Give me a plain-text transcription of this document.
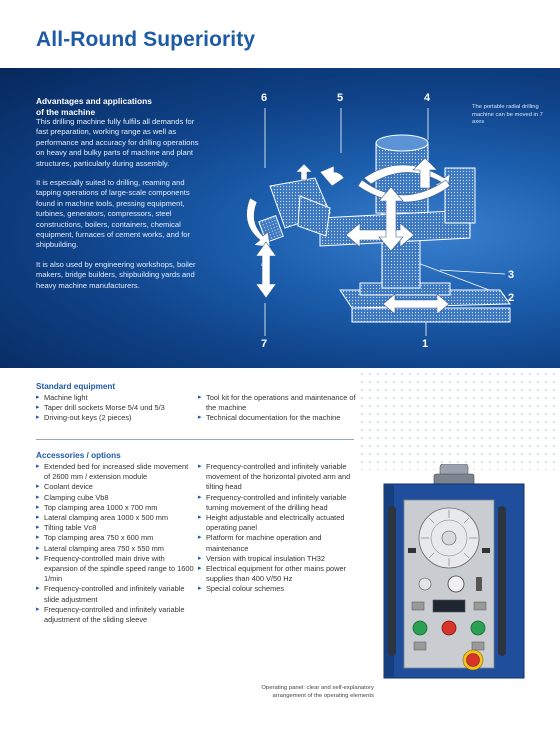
All-Round Superiority
6	5	4
3
2
1
7
Advantages and applications
of the machine

This drilling machine fully fulfils all demands for fast preparation, working range as well as performance and accuracy for drilling operations on heavy and bulky parts of machine and plant structures, particularly during assembly.

It is especially suited to drilling, reaming and tapping operations of large-scale components found in machine tools, pressing equipment, turbines, generators, compressors, steel constructions, boilers, containers, chemical equipment, furnaces of cement works, and for shipbuilding.

It is also used by engineering workshops, boiler makers, bridge builders, shipbuilding yards and heavy machine manufacturers.

The portable radial drilling machine can be moved in 7 axes
Standard equipment
▸ Machine light
▸ Taper drill sockets Morse 5/4 und 5/3
▸ Driving-out keys (2 pieces)
▸ Tool kit for the operations and maintenance of the machine
▸ Technical documentation for the machine
Accessories / options
▸ Extended bed for increased slide movement of 2600 mm / extension module
▸ Coolant device
▸ Clamping cube Vb8
▸ Top clamping area 1000 x 700 mm
▸ Lateral clamping area 1000 x 500 mm
▸ Tilting table Vc8
▸ Top clamping area 750 x 600 mm
▸ Lateral clamping area 750 x 550 mm
▸ Frequency-controlled main drive with expansion of the spindle speed range to 1600 1/min
▸ Frequency-controlled and infinitely variable slide adjustment
▸ Frequency-controlled and infinitely variable adjustment of the sliding sleeve
▸ Frequency-controlled and infinitely variable movement of the horizontal pivoted arm and tilting head
▸ Frequency-controlled and infinitely variable turning movement of the drilling head
▸ Height adjustable and electrically actuated operating panel
▸ Platform for machine operation and maintenance
▸ Version with tropical insulation TH32
▸ Electrical equipment for other mains power supplies than 400 V/50 Hz
▸ Special colour schemes
Operating panel: clear and self-explanatory arrangement of the operating elements
